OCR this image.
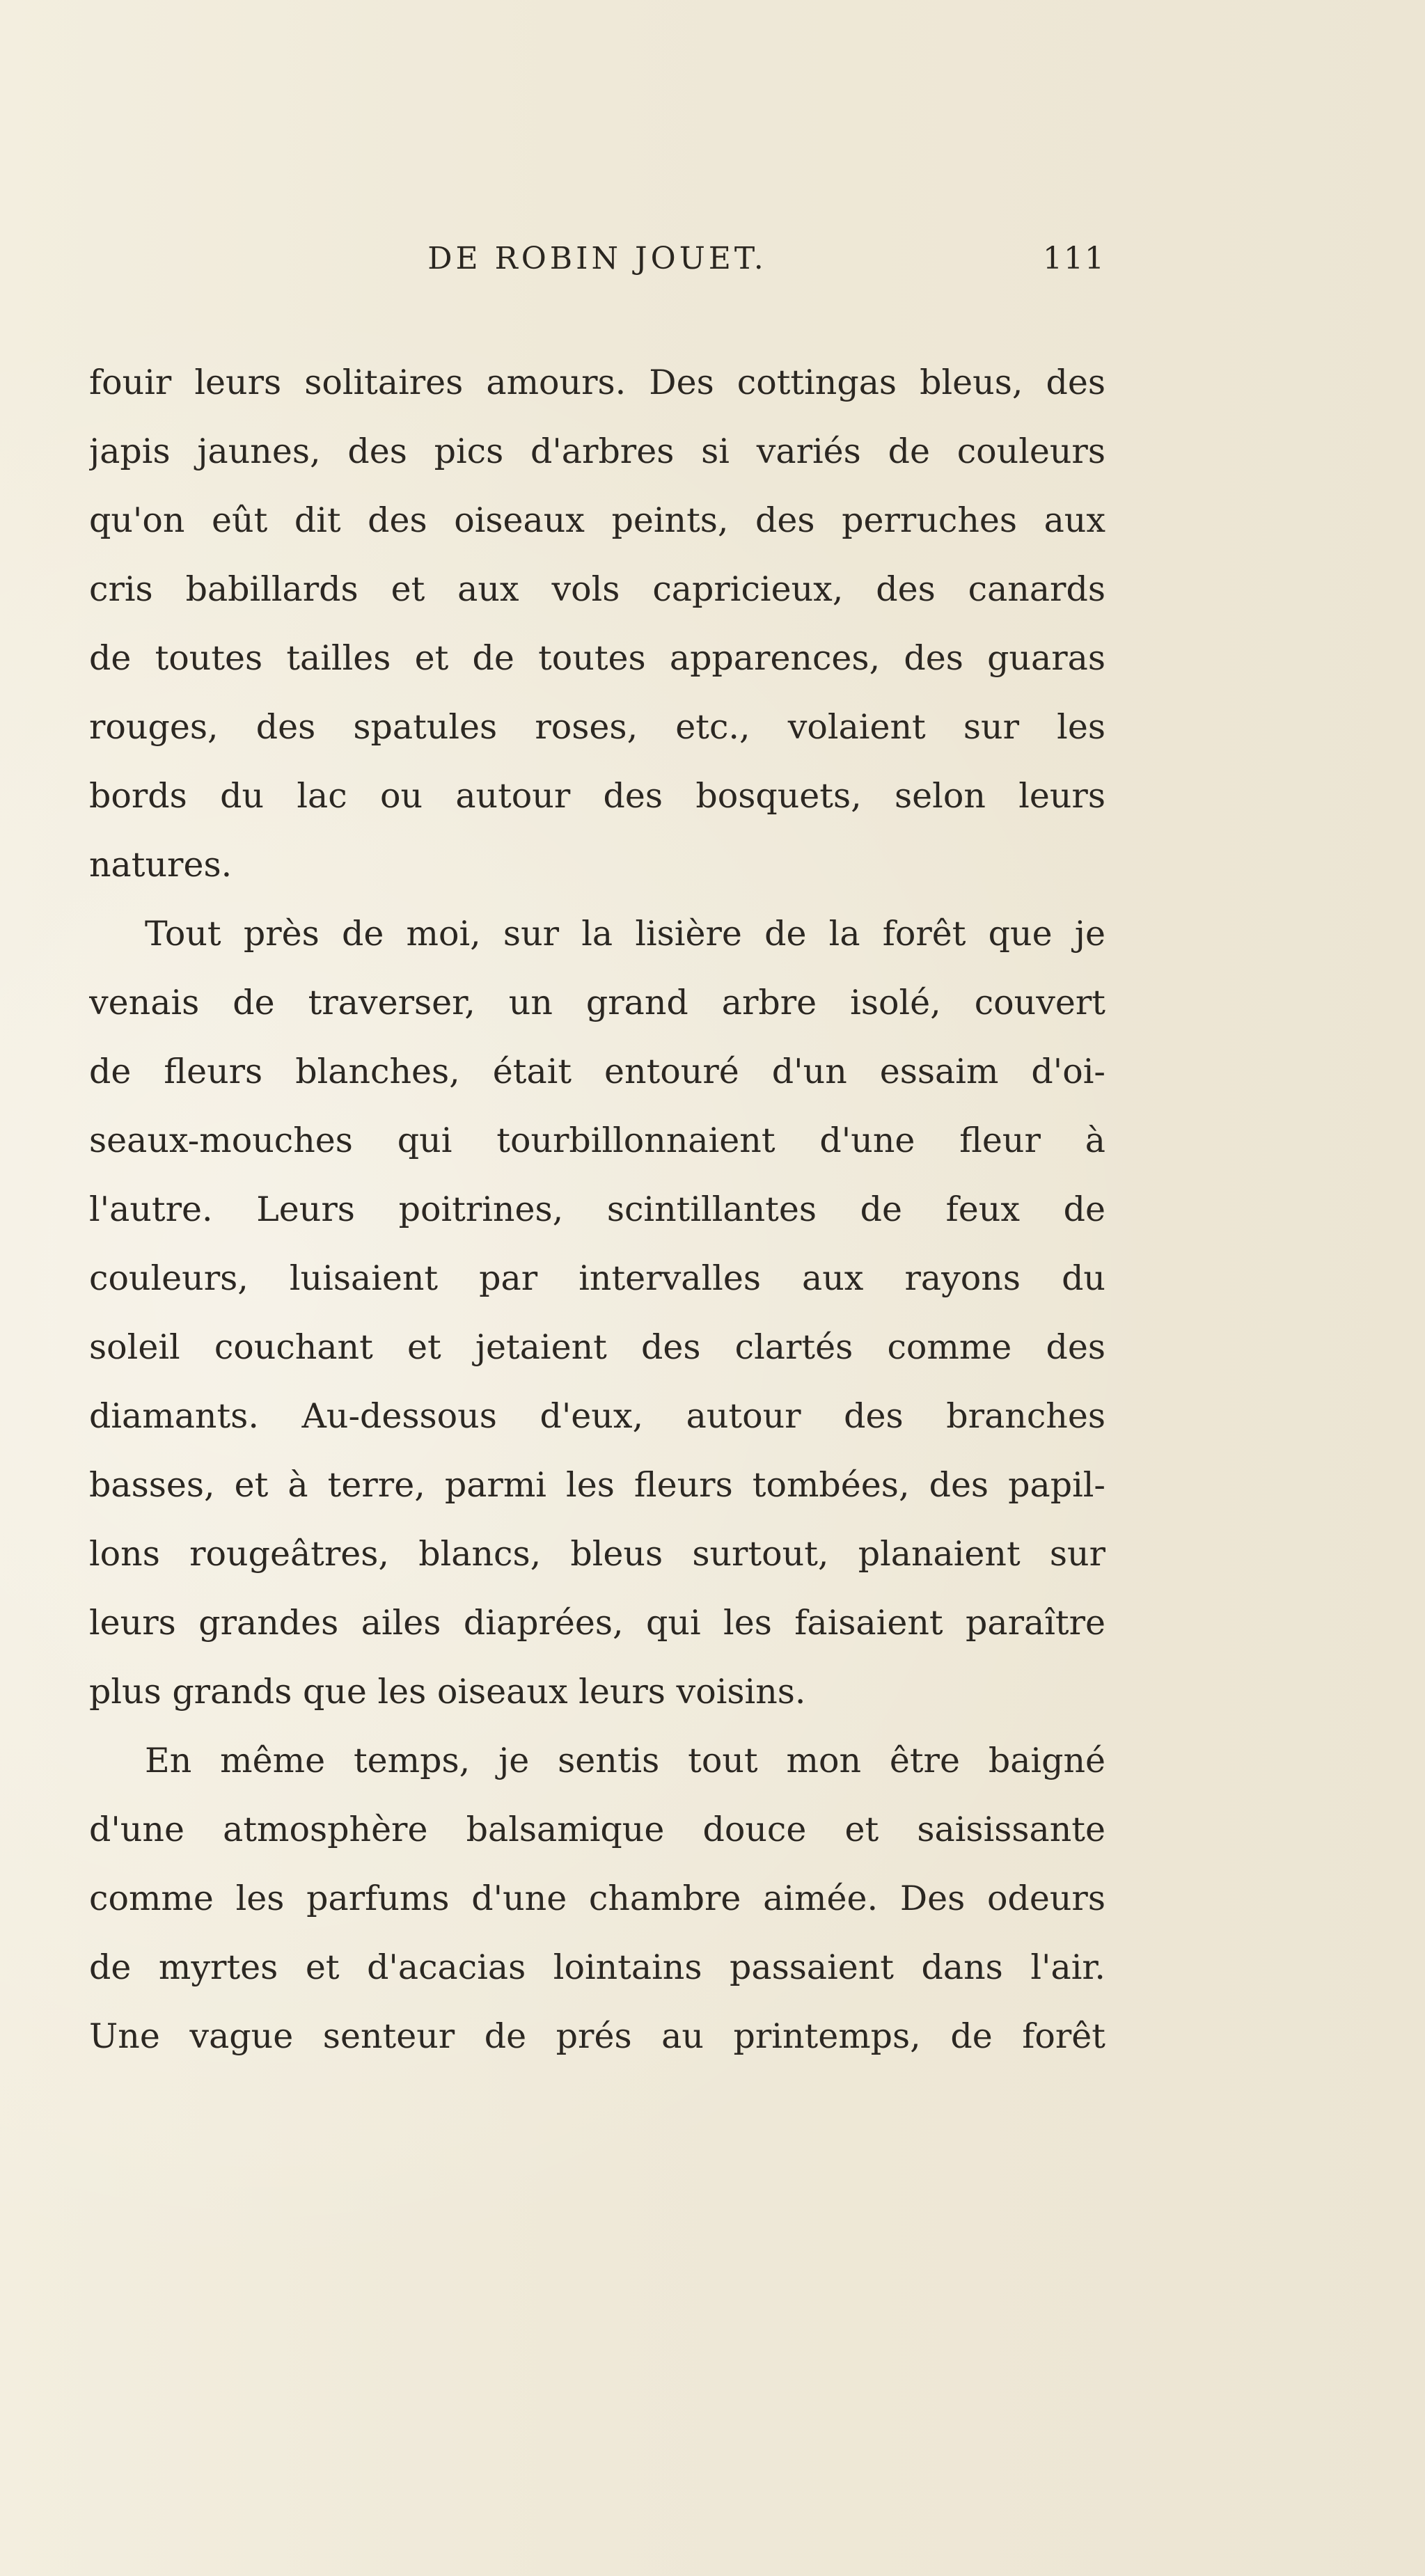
DE ROBIN JOUET.	111
fouir leurs solitaires amours. Des cottingas bleus, des
japis jaunes, des pics d'arbres si variés de couleurs
qu'on eût dit des oiseaux peints, des perruches aux
cris babillards et aux vols capricieux, des canards
de toutes tailles et de toutes apparences, des guaras
rouges, des spatules roses, etc., volaient sur les
bords du lac ou autour des bosquets, selon leurs
natures.
Tout près de moi, sur la lisière de la forêt que je
venais de traverser, un grand arbre isolé, couvert
de fleurs blanches, était entouré d'un essaim d'oi-
seaux-mouches qui tourbillonnaient d'une fleur à
l'autre. Leurs poitrines, scintillantes de feux de
couleurs, luisaient par intervalles aux rayons du
soleil couchant et jetaient des clartés comme des
diamants. Au-dessous d'eux, autour des branches
basses, et à terre, parmi les fleurs tombées, des papil-
lons rougeâtres, blancs, bleus surtout, planaient sur
leurs grandes ailes diaprées, qui les faisaient paraître
plus grands que les oiseaux leurs voisins.
En même temps, je sentis tout mon être baigné
d'une atmosphère balsamique douce et saisissante
comme les parfums d'une chambre aimée. Des odeurs
de myrtes et d'acacias lointains passaient dans l'air.
Une vague senteur de prés au printemps, de forêt
